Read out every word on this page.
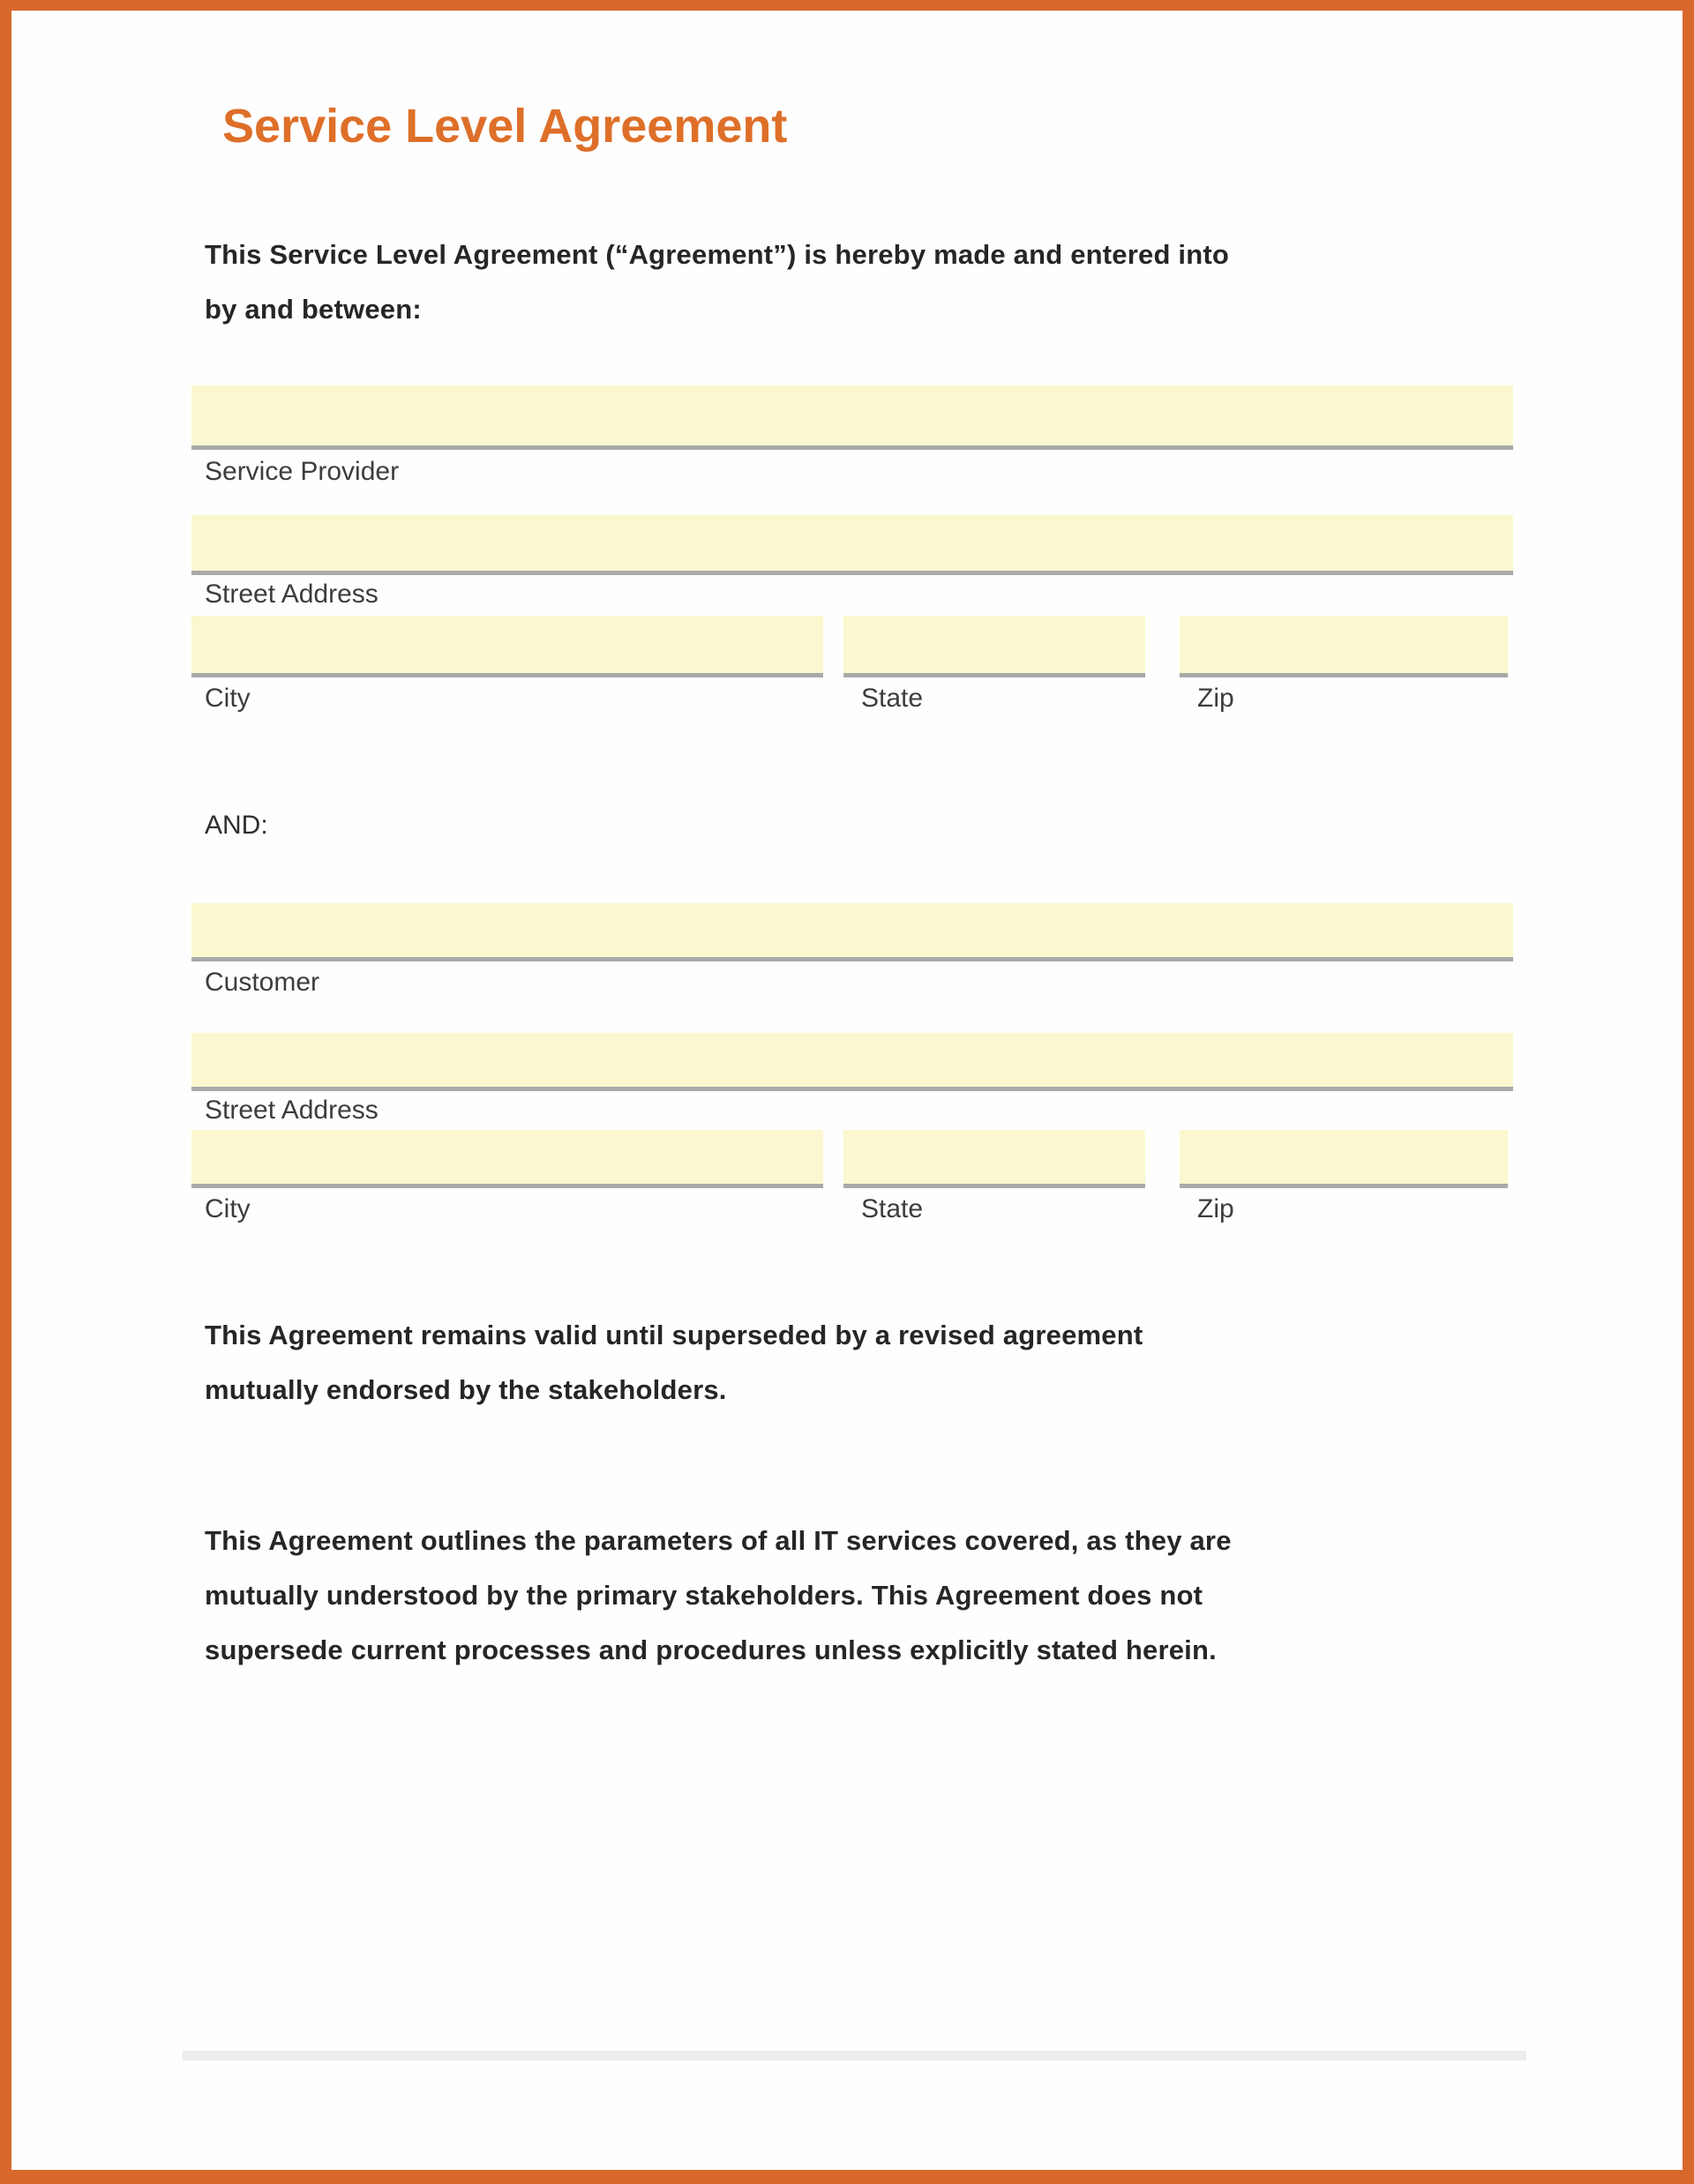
Service Level Agreement
This Service Level Agreement (“Agreement”) is hereby made and entered into
by and between:
Service Provider
Street Address
City	State	Zip
AND:
Customer
Street Address
City	State	Zip
This Agreement remains valid until superseded by a revised agreement
mutually endorsed by the stakeholders.
This Agreement outlines the parameters of all IT services covered, as they are
mutually understood by the primary stakeholders. This Agreement does not
supersede current processes and procedures unless explicitly stated herein.
